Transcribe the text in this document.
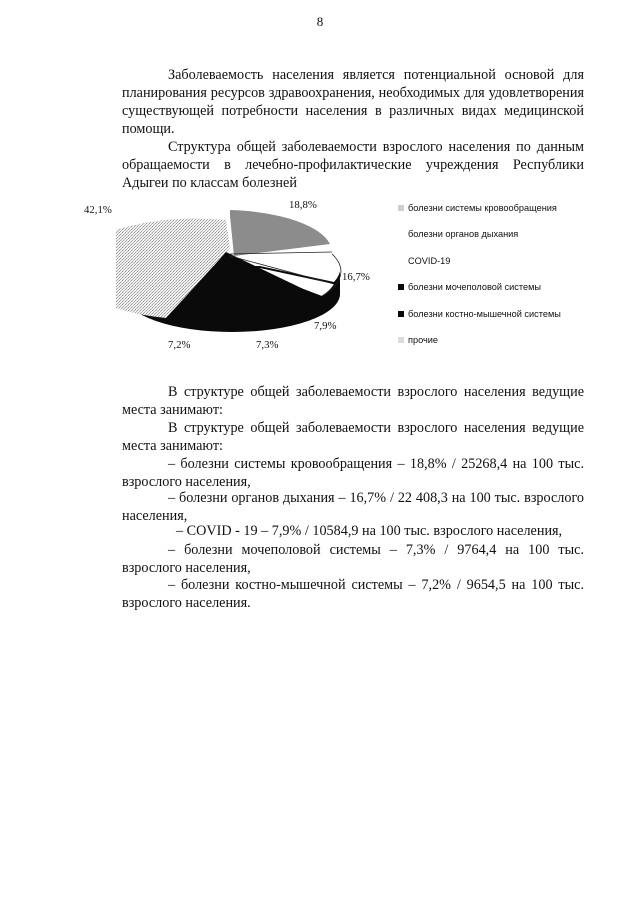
8
Заболеваемость населения является потенциальной основой для планирования ресурсов здравоохранения, необходимых для удовлетворения существующей потребности населения в различных видах медицинской помощи.
Структура общей заболеваемости взрослого населения по данным обращаемости в лечебно-профилактические учреждения Республики Адыгеи по классам болезней
42,1%	18,8%
16,7%
7,9%
7,3%
7,2%
болезни системы кровообращения
болезни органов дыхания
COVID-19
болезни мочеполовой системы
болезни костно-мышечной системы
прочие
В структуре общей заболеваемости взрослого населения ведущие места занимают:
В структуре общей заболеваемости взрослого населения ведущие места занимают:
– болезни системы кровообращения – 18,8% / 25268,4 на 100 тыс. взрослого населения,
– болезни органов дыхания – 16,7% / 22 408,3 на 100 тыс. взрослого населения,
– COVID - 19 – 7,9% / 10584,9 на 100 тыс. взрослого населения,
– болезни мочеполовой системы – 7,3% / 9764,4 на 100 тыс. взрослого населения,
– болезни костно-мышечной системы – 7,2% / 9654,5 на 100 тыс. взрослого населения.
